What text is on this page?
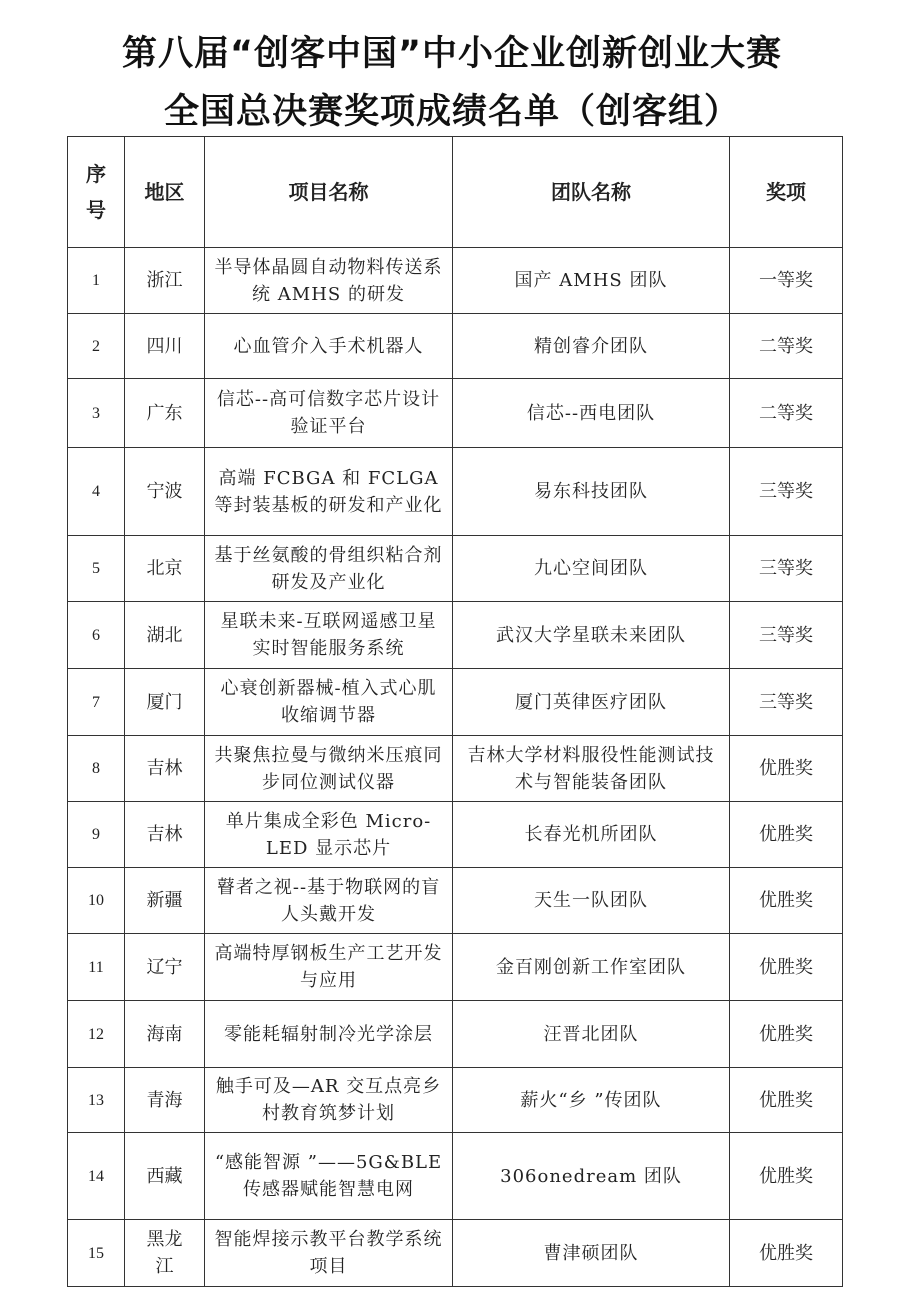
第八届“创客中国”中小企业创新创业大赛
全国总决赛奖项成绩名单（创客组）
序号	地区	项目名称	团队名称	奖项
1	浙江	半导体晶圆自动物料传送系统 AMHS 的研发	国产 AMHS 团队	一等奖
2	四川	心血管介入手术机器人	精创睿介团队	二等奖
3	广东	信芯--高可信数字芯片设计验证平台	信芯--西电团队	二等奖
4	宁波	高端 FCBGA 和 FCLGA 等封装基板的研发和产业化	易东科技团队	三等奖
5	北京	基于丝氨酸的骨组织粘合剂研发及产业化	九心空间团队	三等奖
6	湖北	星联未来-互联网遥感卫星实时智能服务系统	武汉大学星联未来团队	三等奖
7	厦门	心衰创新器械-植入式心肌收缩调节器	厦门英律医疗团队	三等奖
8	吉林	共聚焦拉曼与微纳米压痕同步同位测试仪器	吉林大学材料服役性能测试技术与智能装备团队	优胜奖
9	吉林	单片集成全彩色 Micro-LED 显示芯片	长春光机所团队	优胜奖
10	新疆	瞽者之视--基于物联网的盲人头戴开发	天生一队团队	优胜奖
11	辽宁	高端特厚钢板生产工艺开发与应用	金百刚创新工作室团队	优胜奖
12	海南	零能耗辐射制冷光学涂层	汪晋北团队	优胜奖
13	青海	触手可及—AR 交互点亮乡村教育筑梦计划	薪火“乡 ”传团队	优胜奖
14	西藏	“感能智源 ”——5G&BLE 传感器赋能智慧电网	306onedream 团队	优胜奖
15	黑龙江	智能焊接示教平台教学系统项目	曹津硕团队	优胜奖
